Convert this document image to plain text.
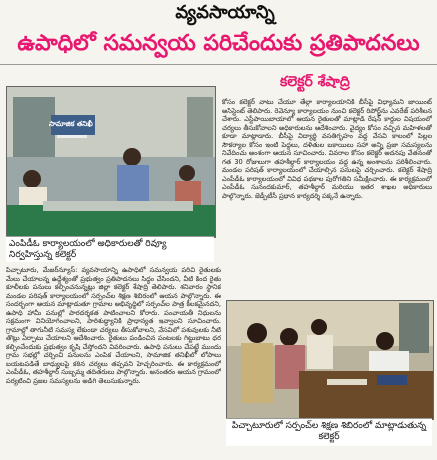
వ్యవసాయాన్ని
ఉపాధిలో సమన్వయ పరిచేందుకు ప్రతిపాదనలు
కలెక్టర్ శేషాద్రి
సామాజిక తనిఖీ
ఎంపిడీఓ కార్యాలయంలో అధికారులతో రివ్యూ నిర్వహిస్తున్న కలెక్టర్

కోసం కలెక్టర్ వాటు చేయూ తేల్గా కార్యాలయానికి బీసీపై విధ్యామని జాయింట్ అసిస్టెంట్ తెలిపారు. రెవెన్యూ కార్యాలయం నుంచి కలెక్టర్ రిపోర్ట్‌ను ఎవరేజ్ పరిశీలన చేశారు. ఎస్టీపాయిబాయాలో ఆయన రైతులతో మాట్లాడి రేషన్ కార్డుల విషయంలో చర్యలు తీసుకోవాలని అధికారులను ఆదేశించారు. వైద్యం కోసం వచ్చిన మహిళలతో కూడా మాట్లాడారు. బీసీపై విద్యార్థి వసతిగృహం వద్ద వేసవి కాలంలో పిల్లల సౌకర్యాల కోసం ఇంటి పెద్దలు, దళితుల బకాయిలు సహా అన్ని ప్రజా సమస్యలను నివేదించు అంశంగా ఆయన సూచించారు. వివరాల కోసం కలెక్టర్ అదనపు వేతనంతో గత 30 రోజులుగా తహశీల్దార్ కార్యాలయం వద్ద ఉన్న అంశాలను పరిశీలించారు. మండల పరిషత్ కార్యాలయంలో చేయాల్సిన పనులపై చర్చించారు. కలెక్టర్ శేషాద్రి ఎంపీడీఓ కార్యాలయంలో వివిధ పథకాల పురోగతిని సమీక్షించారు. ఈ కార్యక్రమంలో ఎంపీడీఓ సునందకుమార్, తహశీల్దార్ మరియు ఇతర శాఖల అధికారులు పాల్గొన్నారు. జెడ్పీటీసీ ప్రధాన కార్యదర్శి పక్కనే ఉన్నారు.

పిచ్చాటూరు, మేజర్‌న్యూస్: వ్యవసాయాన్ని ఉపాధిలో సమన్వయ పరిచి రైతులకు మేలు చేయాలన్న ఉద్దేశ్యంతో ప్రభుత్వం ప్రతిపాదనలు సిద్ధం చేసిందని, వీటి కింద రైతు కూలీలకు పనులు కల్పించనున్నట్లు జిల్లా కలెక్టర్ శేషాద్రి తెలిపారు. శనివారం స్థానిక మండల పరిషత్ కార్యాలయంలో సర్పంచ్‌ల శిక్షణ శిబిరంలో ఆయన పాల్గొన్నారు. ఈ సందర్భంగా ఆయన మాట్లాడుతూ గ్రామాల అభివృద్ధిలో సర్పంచ్‌ల పాత్ర కీలకమైనదని, ఉపాధి హామీ పనుల్లో పారదర్శకత పాటించాలని కోరారు. పంచాయతీ నిధులను సక్రమంగా వినియోగించాలని, పారిశుద్ధ్యానికి ప్రాధాన్యత ఇవ్వాలని సూచించారు. గ్రామాల్లో తాగునీటి సమస్య లేకుండా చర్యలు తీసుకోవాలని, వేసవిలో పశువులకు నీటి తొట్లు ఏర్పాటు చేయాలని ఆదేశించారు. రైతులు పండించిన పంటలకు గిట్టుబాటు ధర కల్పించేందుకు ప్రభుత్వం కృషి చేస్తోందని వివరించారు. ఉపాధి పనులు చేపట్టే ముందు గ్రామ సభల్లో చర్చించి పనులను ఎంపిక చేయాలని, సామాజిక తనిఖీలో లోపాలు బయటపడితే బాధ్యులపై కఠిన చర్యలు తప్పవని హెచ్చరించారు. ఈ కార్యక్రమంలో ఎంపీడీఓ, తహశీల్దార్ సుబ్బమ్మ తదితరులు పాల్గొన్నారు. అనంతరం ఆయన గ్రామంలో పర్యటించి ప్రజల సమస్యలను అడిగి తెలుసుకున్నారు.

పిచ్చాటూరులో సర్పంచ్‌ల శిక్షణ శిబిరంలో మాట్లాడుతున్న కలెక్టర్
